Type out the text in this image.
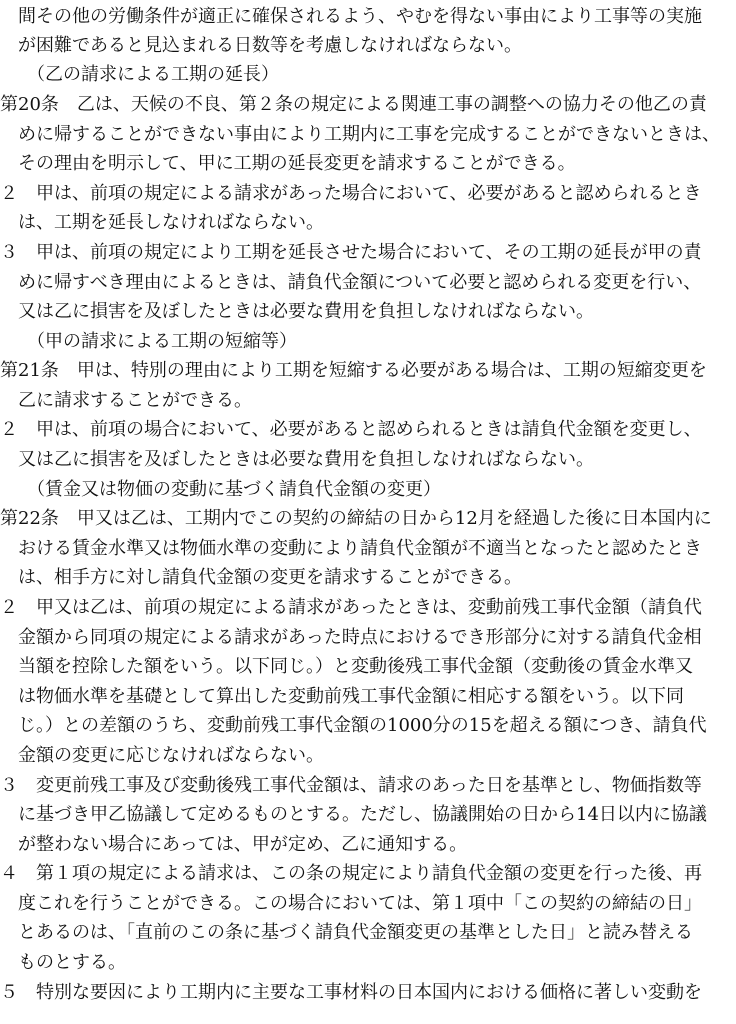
間その他の労働条件が適正に確保されるよう、やむを得ない事由により工事等の実施
が困難であると見込まれる日数等を考慮しなければならない。
（乙の請求による工期の延長）
第20条　乙は、天候の不良、第２条の規定による関連工事の調整への協力その他乙の責
めに帰することができない事由により工期内に工事を完成することができないときは、
その理由を明示して、甲に工期の延長変更を請求することができる。
２　甲は、前項の規定による請求があった場合において、必要があると認められるとき
は、工期を延長しなければならない。
３　甲は、前項の規定により工期を延長させた場合において、その工期の延長が甲の責
めに帰すべき理由によるときは、請負代金額について必要と認められる変更を行い、
又は乙に損害を及ぼしたときは必要な費用を負担しなければならない。
（甲の請求による工期の短縮等）
第21条　甲は、特別の理由により工期を短縮する必要がある場合は、工期の短縮変更を
乙に請求することができる。
２　甲は、前項の場合において、必要があると認められるときは請負代金額を変更し、
又は乙に損害を及ぼしたときは必要な費用を負担しなければならない。
（賃金又は物価の変動に基づく請負代金額の変更）
第22条　甲又は乙は、工期内でこの契約の締結の日から12月を経過した後に日本国内に
おける賃金水準又は物価水準の変動により請負代金額が不適当となったと認めたとき
は、相手方に対し請負代金額の変更を請求することができる。
２　甲又は乙は、前項の規定による請求があったときは、変動前残工事代金額（請負代
金額から同項の規定による請求があった時点におけるでき形部分に対する請負代金相
当額を控除した額をいう。以下同じ。）と変動後残工事代金額（変動後の賃金水準又
は物価水準を基礎として算出した変動前残工事代金額に相応する額をいう。以下同
じ。）との差額のうち、変動前残工事代金額の1000分の15を超える額につき、請負代
金額の変更に応じなければならない。
３　変更前残工事及び変動後残工事代金額は、請求のあった日を基準とし、物価指数等
に基づき甲乙協議して定めるものとする。ただし、協議開始の日から14日以内に協議
が整わない場合にあっては、甲が定め、乙に通知する。
４　第１項の規定による請求は、この条の規定により請負代金額の変更を行った後、再
度これを行うことができる。この場合においては、第１項中「この契約の締結の日」
とあるのは、「直前のこの条に基づく請負代金額変更の基準とした日」と読み替える
ものとする。
５　特別な要因により工期内に主要な工事材料の日本国内における価格に著しい変動を
